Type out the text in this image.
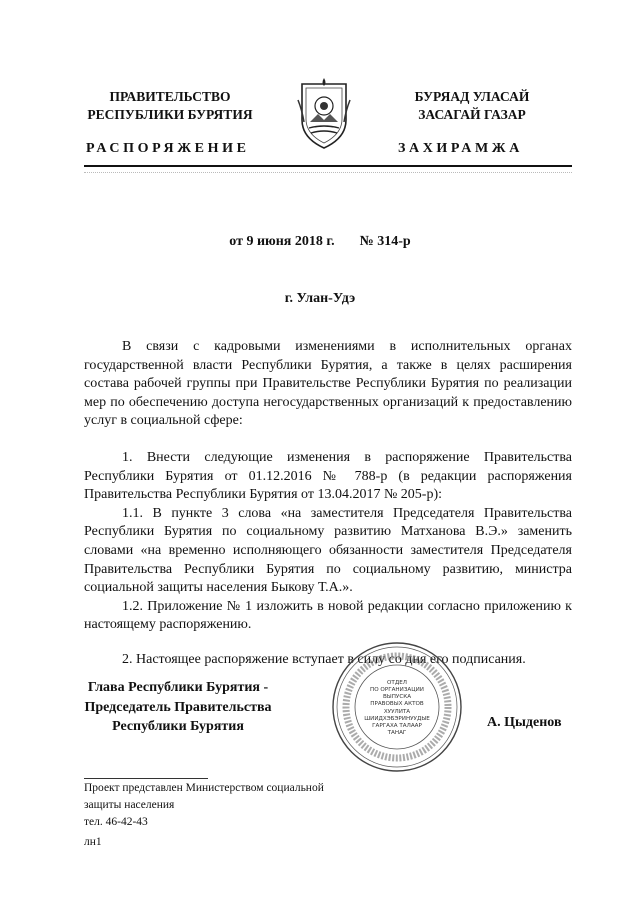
ПРАВИТЕЛЬСТВО
РЕСПУБЛИКИ БУРЯТИЯ
БУРЯАД УЛАСАЙ
ЗАСАГАЙ ГАЗАР
РАСПОРЯЖЕНИЕ	ЗАХИРАМЖА
от 9 июня 2018 г. № 314-р
г. Улан-Удэ

В связи с кадровыми изменениями в исполнительных органах государственной власти Республики Бурятия, а также в целях расширения состава рабочей группы при Правительстве Республики Бурятия по реализации мер по обеспечению доступа негосударственных организаций к предоставлению услуг в социальной сфере:

1. Внести следующие изменения в распоряжение Правительства Республики Бурятия от 01.12.2016 № 788-р (в редакции распоряжения Правительства Республики Бурятия от 13.04.2017 № 205-р):

1.1. В пункте 3 слова «на заместителя Председателя Правительства Республики Бурятия по социальному развитию Матханова В.Э.» заменить словами «на временно исполняющего обязанности заместителя Председателя Правительства Республики Бурятия по социальному развитию, министра социальной защиты населения Быкову Т.А.».

1.2. Приложение № 1 изложить в новой редакции согласно приложению к настоящему распоряжению.

2. Настоящее распоряжение вступает в силу со дня его подписания.

ОТДЕЛ
ПО ОРГАНИЗАЦИИ
ВЫПУСКА
ПРАВОВЫХ АКТОВ
ХУУЛИТА
ШИИДХЭБЭРИНУУДЫЕ
ГАРГАХА ТАЛААР
ТАНАГ
Глава Республики Бурятия -
Председатель Правительства
Республики Бурятия	А. Цыденов
Проект представлен Министерством социальной
защиты населения
тел. 46-42-43
лн1
